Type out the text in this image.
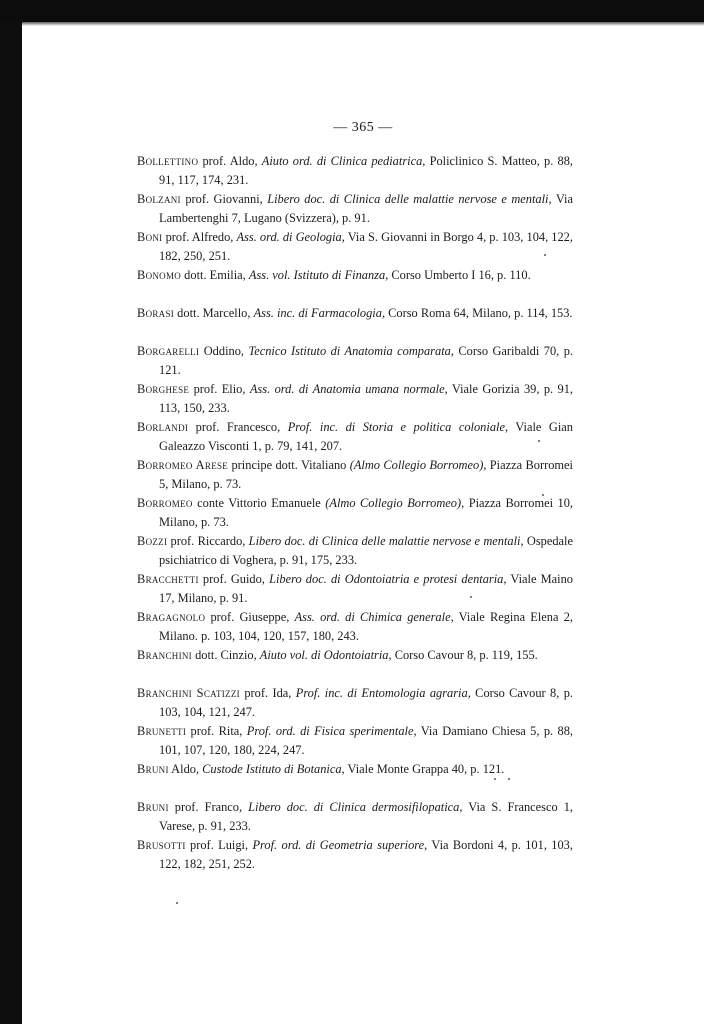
— 365 —
Bollettino prof. Aldo, Aiuto ord. di Clinica pediatrica, Policlinico S. Matteo, p. 88, 91, 117, 174, 231.
Bolzani prof. Giovanni, Libero doc. di Clinica delle malattie nervose e mentali, Via Lambertenghi 7, Lugano (Svizzera), p. 91.
Boni prof. Alfredo, Ass. ord. di Geologia, Via S. Giovanni in Borgo 4, p. 103, 104, 122, 182, 250, 251.
Bonomo dott. Emilia, Ass. vol. Istituto di Finanza, Corso Umberto I 16, p. 110.
Borasi dott. Marcello, Ass. inc. di Farmacologia, Corso Roma 64, Milano, p. 114, 153.
Borgarelli Oddino, Tecnico Istituto di Anatomia comparata, Corso Garibaldi 70, p. 121.
Borghese prof. Elio, Ass. ord. di Anatomia umana normale, Viale Gorizia 39, p. 91, 113, 150, 233.
Borlandi prof. Francesco, Prof. inc. di Storia e politica coloniale, Viale Gian Galeazzo Visconti 1, p. 79, 141, 207.
Borromeo Arese principe dott. Vitaliano (Almo Collegio Borromeo), Piazza Borromei 5, Milano, p. 73.
Borromeo conte Vittorio Emanuele (Almo Collegio Borromeo), Piazza Borromei 10, Milano, p. 73.
Bozzi prof. Riccardo, Libero doc. di Clinica delle malattie nervose e mentali, Ospedale psichiatrico di Voghera, p. 91, 175, 233.
Bracchetti prof. Guido, Libero doc. di Odontoiatria e protesi dentaria, Viale Maino 17, Milano, p. 91.
Bragagnolo prof. Giuseppe, Ass. ord. di Chimica generale, Viale Regina Elena 2, Milano. p. 103, 104, 120, 157, 180, 243.
Branchini dott. Cinzio, Aiuto vol. di Odontoiatria, Corso Cavour 8, p. 119, 155.
Branchini Scatizzi prof. Ida, Prof. inc. di Entomologia agraria, Corso Cavour 8, p. 103, 104, 121, 247.
Brunetti prof. Rita, Prof. ord. di Fisica sperimentale, Via Damiano Chiesa 5, p. 88, 101, 107, 120, 180, 224, 247.
Bruni Aldo, Custode Istituto di Botanica, Viale Monte Grappa 40, p. 121.
Bruni prof. Franco, Libero doc. di Clinica dermosifilopatica, Via S. Francesco 1, Varese, p. 91, 233.
Brusotti prof. Luigi, Prof. ord. di Geometria superiore, Via Bordoni 4, p. 101, 103, 122, 182, 251, 252.
